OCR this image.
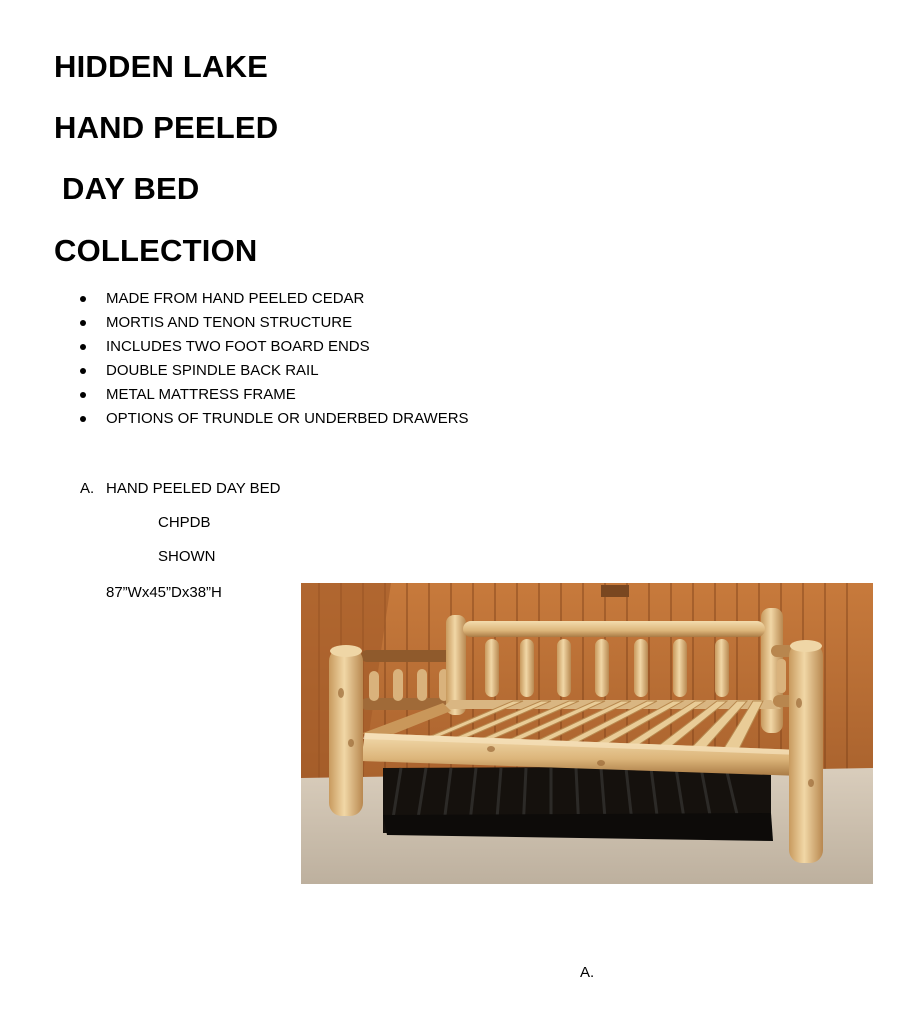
HIDDEN LAKE
HAND PEELED
DAY BED
COLLECTION
MADE FROM HAND PEELED CEDAR
MORTIS AND TENON STRUCTURE
INCLUDES TWO FOOT BOARD ENDS
DOUBLE SPINDLE BACK RAIL
METAL MATTRESS FRAME
OPTIONS OF TRUNDLE OR UNDERBED DRAWERS
A. HAND PEELED DAY BED
CHPDB
SHOWN
87”Wx45”Dx38”H
A.
